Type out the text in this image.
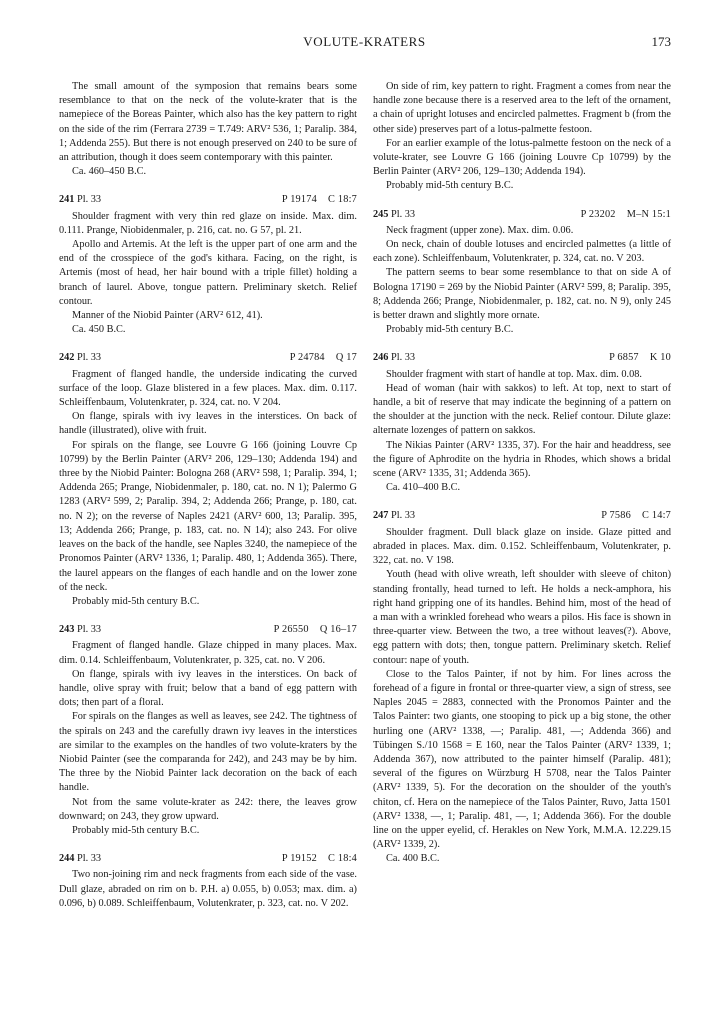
VOLUTE-KRATERS	173

The small amount of the symposion that remains bears some resemblance to that on the neck of the volute-krater that is the namepiece of the Boreas Painter, which also has the key pattern to right on the side of the rim (Ferrara 2739 = T.749: ARV² 536, 1; Paralip. 384, 1; Addenda 255). But there is not enough preserved on 240 to be sure of an attribution, though it does seem contemporary with this painter.

Ca. 460–450 B.C.

241 Pl. 33	P 19174 C 18:7

Shoulder fragment with very thin red glaze on inside. Max. dim. 0.111. Prange, Niobidenmaler, p. 216, cat. no. G 57, pl. 21.

Apollo and Artemis. At the left is the upper part of one arm and the end of the crosspiece of the god's kithara. Facing, on the right, is Artemis (most of head, her hair bound with a triple fillet) holding a branch of laurel. Above, tongue pattern. Preliminary sketch. Relief contour.

Manner of the Niobid Painter (ARV² 612, 41).

Ca. 450 B.C.

242 Pl. 33	P 24784 Q 17

Fragment of flanged handle, the underside indicating the curved surface of the loop. Glaze blistered in a few places. Max. dim. 0.117. Schleiffenbaum, Volutenkrater, p. 324, cat. no. V 204.

On flange, spirals with ivy leaves in the interstices. On back of handle (illustrated), olive with fruit.

For spirals on the flange, see Louvre G 166 (joining Louvre Cp 10799) by the Berlin Painter (ARV² 206, 129–130; Addenda 194) and three by the Niobid Painter: Bologna 268 (ARV² 598, 1; Paralip. 394, 1; Addenda 265; Prange, Niobidenmaler, p. 180, cat. no. N 1); Palermo G 1283 (ARV² 599, 2; Paralip. 394, 2; Addenda 266; Prange, p. 180, cat. no. N 2); on the reverse of Naples 2421 (ARV² 600, 13; Paralip. 395, 13; Addenda 266; Prange, p. 183, cat. no. N 14); also 243. For olive leaves on the back of the handle, see Naples 3240, the namepiece of the Pronomos Painter (ARV² 1336, 1; Paralip. 480, 1; Addenda 365). There, the laurel appears on the flanges of each handle and on the lower zone of the neck.

Probably mid-5th century B.C.

243 Pl. 33	P 26550 Q 16–17

Fragment of flanged handle. Glaze chipped in many places. Max. dim. 0.14. Schleiffenbaum, Volutenkrater, p. 325, cat. no. V 206.

On flange, spirals with ivy leaves in the interstices. On back of handle, olive spray with fruit; below that a band of egg pattern with dots; then part of a floral.

For spirals on the flanges as well as leaves, see 242. The tightness of the spirals on 243 and the carefully drawn ivy leaves in the interstices are similar to the examples on the handles of two volute-kraters by the Niobid Painter (see the comparanda for 242), and 243 may be by him. The three by the Niobid Painter lack decoration on the back of each handle.

Not from the same volute-krater as 242: there, the leaves grow downward; on 243, they grow upward.

Probably mid-5th century B.C.

244 Pl. 33	P 19152 C 18:4

Two non-joining rim and neck fragments from each side of the vase. Dull glaze, abraded on rim on b. P.H. a) 0.055, b) 0.053; max. dim. a) 0.096, b) 0.089. Schleiffenbaum, Volutenkrater, p. 323, cat. no. V 202.

On side of rim, key pattern to right. Fragment a comes from near the handle zone because there is a reserved area to the left of the ornament, a chain of upright lotuses and encircled palmettes. Fragment b (from the other side) preserves part of a lotus-palmette festoon.

For an earlier example of the lotus-palmette festoon on the neck of a volute-krater, see Louvre G 166 (joining Louvre Cp 10799) by the Berlin Painter (ARV² 206, 129–130; Addenda 194).

Probably mid-5th century B.C.

245 Pl. 33	P 23202 M–N 15:1

Neck fragment (upper zone). Max. dim. 0.06.

On neck, chain of double lotuses and encircled palmettes (a little of each zone). Schleiffenbaum, Volutenkrater, p. 324, cat. no. V 203.

The pattern seems to bear some resemblance to that on side A of Bologna 17190 = 269 by the Niobid Painter (ARV² 599, 8; Paralip. 395, 8; Addenda 266; Prange, Niobidenmaler, p. 182, cat. no. N 9), only 245 is better drawn and slightly more ornate.

Probably mid-5th century B.C.

246 Pl. 33	P 6857 K 10

Shoulder fragment with start of handle at top. Max. dim. 0.08.

Head of woman (hair with sakkos) to left. At top, next to start of handle, a bit of reserve that may indicate the beginning of a pattern on the shoulder at the junction with the neck. Relief contour. Dilute glaze: alternate lozenges of pattern on sakkos.

The Nikias Painter (ARV² 1335, 37). For the hair and headdress, see the figure of Aphrodite on the hydria in Rhodes, which shows a bridal scene (ARV² 1335, 31; Addenda 365).

Ca. 410–400 B.C.

247 Pl. 33	P 7586 C 14:7

Shoulder fragment. Dull black glaze on inside. Glaze pitted and abraded in places. Max. dim. 0.152. Schleiffenbaum, Volutenkrater, p. 322, cat. no. V 198.

Youth (head with olive wreath, left shoulder with sleeve of chiton) standing frontally, head turned to left. He holds a neck-amphora, his right hand gripping one of its handles. Behind him, most of the head of a man with a wrinkled forehead who wears a pilos. His face is shown in three-quarter view. Between the two, a tree without leaves(?). Above, egg pattern with dots; then, tongue pattern. Preliminary sketch. Relief contour: nape of youth.

Close to the Talos Painter, if not by him. For lines across the forehead of a figure in frontal or three-quarter view, a sign of stress, see Naples 2045 = 2883, connected with the Pronomos Painter and the Talos Painter: two giants, one stooping to pick up a big stone, the other hurling one (ARV² 1338, —; Paralip. 481, —; Addenda 366) and Tübingen S./10 1568 = E 160, near the Talos Painter (ARV² 1339, 1; Addenda 367), now attributed to the painter himself (Paralip. 481); several of the figures on Würzburg H 5708, near the Talos Painter (ARV² 1339, 5). For the decoration on the shoulder of the youth's chiton, cf. Hera on the namepiece of the Talos Painter, Ruvo, Jatta 1501 (ARV² 1338, —, 1; Paralip. 481, —, 1; Addenda 366). For the double line on the upper eyelid, cf. Herakles on New York, M.M.A. 12.229.15 (ARV² 1339, 2).

Ca. 400 B.C.
